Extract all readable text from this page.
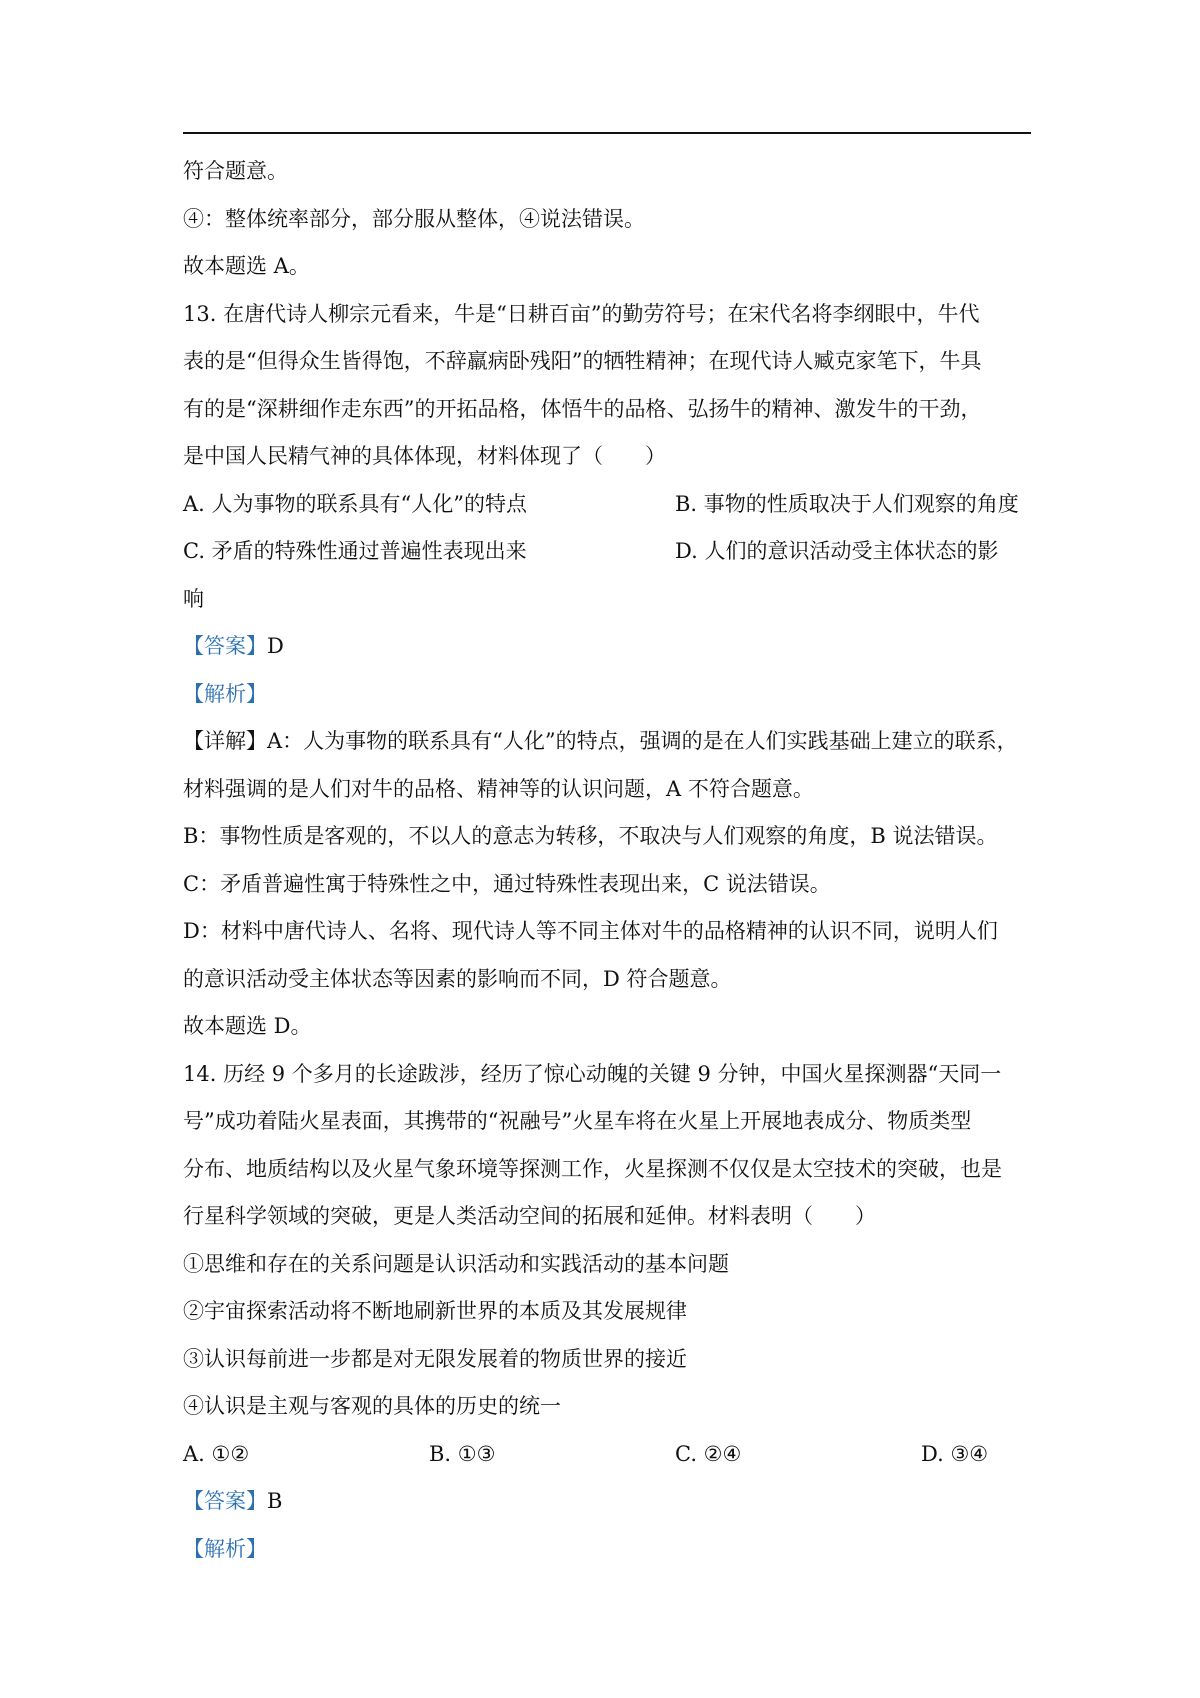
符合题意。
④：整体统率部分，部分服从整体，④说法错误。
故本题选 A。
13. 在唐代诗人柳宗元看来，牛是“日耕百亩”的勤劳符号；在宋代名将李纲眼中，牛代
表的是“但得众生皆得饱，不辞羸病卧残阳”的牺牲精神；在现代诗人臧克家笔下，牛具
有的是“深耕细作走东西”的开拓品格，体悟牛的品格、弘扬牛的精神、激发牛的干劲，
是中国人民精气神的具体体现，材料体现了（　　）
A. 人为事物的联系具有“人化”的特点	B. 事物的性质取决于人们观察的角度
C. 矛盾的特殊性通过普遍性表现出来	D. 人们的意识活动受主体状态的影
响
【答案】D
【解析】
【详解】A：人为事物的联系具有“人化”的特点，强调的是在人们实践基础上建立的联系，
材料强调的是人们对牛的品格、精神等的认识问题，A 不符合题意。
B：事物性质是客观的，不以人的意志为转移，不取决与人们观察的角度，B 说法错误。
C：矛盾普遍性寓于特殊性之中，通过特殊性表现出来，C 说法错误。
D：材料中唐代诗人、名将、现代诗人等不同主体对牛的品格精神的认识不同，说明人们
的意识活动受主体状态等因素的影响而不同，D 符合题意。
故本题选 D。
14. 历经 9 个多月的长途跋涉，经历了惊心动魄的关键 9 分钟，中国火星探测器“天同一
号”成功着陆火星表面，其携带的“祝融号”火星车将在火星上开展地表成分、物质类型
分布、地质结构以及火星气象环境等探测工作，火星探测不仅仅是太空技术的突破，也是
行星科学领域的突破，更是人类活动空间的拓展和延伸。材料表明（　　）
①思维和存在的关系问题是认识活动和实践活动的基本问题
②宇宙探索活动将不断地刷新世界的本质及其发展规律
③认识每前进一步都是对无限发展着的物质世界的接近
④认识是主观与客观的具体的历史的统一
A. ①②	B. ①③	C. ②④	D. ③④
【答案】B
【解析】
